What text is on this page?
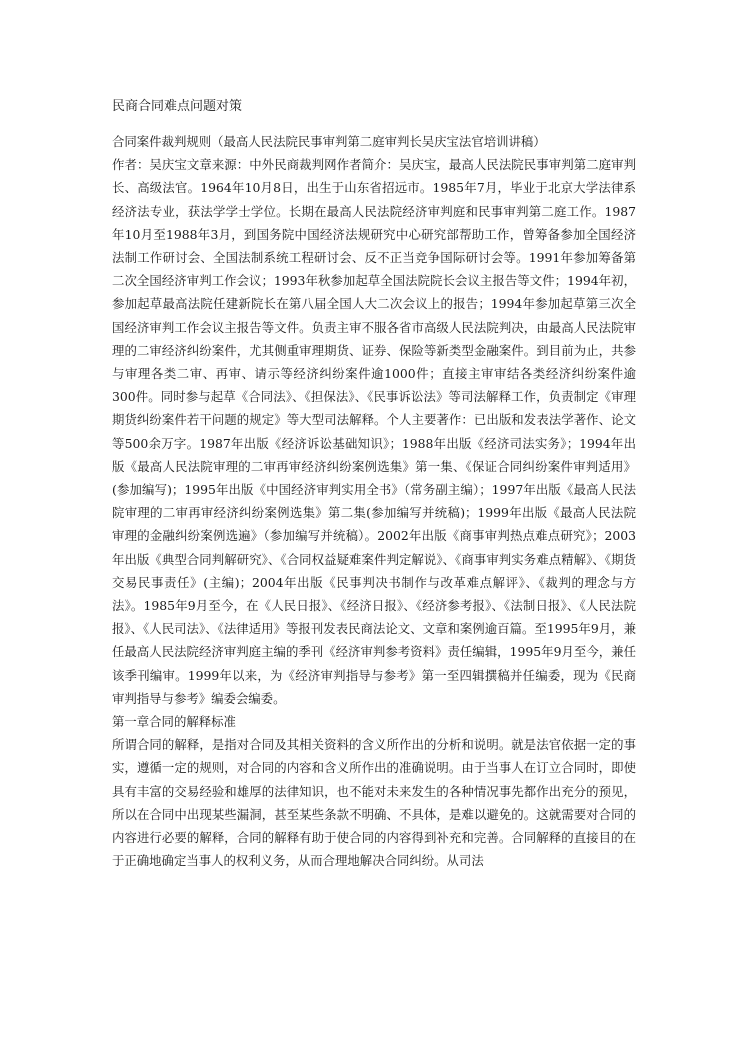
民商合同难点问题对策

合同案件裁判规则（最高人民法院民事审判第二庭审判长吴庆宝法官培训讲稿）

作者：吴庆宝文章来源：中外民商裁判网作者简介：吴庆宝，最高人民法院民事审判第二庭审判长、高级法官。1964年10月8日，出生于山东省招远市。1985年7月，毕业于北京大学法律系经济法专业，获法学学士学位。长期在最高人民法院经济审判庭和民事审判第二庭工作。1987年10月至1988年3月，到国务院中国经济法规研究中心研究部帮助工作，曾筹备参加全国经济法制工作研讨会、全国法制系统工程研讨会、反不正当竞争国际研讨会等。1991年参加筹备第二次全国经济审判工作会议；1993年秋参加起草全国法院院长会议主报告等文件；1994年初，参加起草最高法院任建新院长在第八届全国人大二次会议上的报告；1994年参加起草第三次全国经济审判工作会议主报告等文件。负责主审不服各省市高级人民法院判决，由最高人民法院审理的二审经济纠纷案件，尤其侧重审理期货、证券、保险等新类型金融案件。到目前为止，共参与审理各类二审、再审、请示等经济纠纷案件逾1000件；直接主审审结各类经济纠纷案件逾300件。同时参与起草《合同法》、《担保法》、《民事诉讼法》等司法解释工作，负责制定《审理期货纠纷案件若干问题的规定》等大型司法解释。个人主要著作：已出版和发表法学著作、论文等500余万字。1987年出版《经济诉讼基础知识》；1988年出版《经济司法实务》；1994年出版《最高人民法院审理的二审再审经济纠纷案例选集》第一集、《保证合同纠纷案件审判适用》(参加编写)；1995年出版《中国经济审判实用全书》（常务副主编）；1997年出版《最高人民法院审理的二审再审经济纠纷案例选集》第二集(参加编写并统稿)；1999年出版《最高人民法院审理的金融纠纷案例选遍》（参加编写并统稿）。2002年出版《商事审判热点难点研究》；2003年出版《典型合同判解研究》、《合同权益疑难案件判定解说》、《商事审判实务难点精解》、《期货交易民事责任》(主编)；2004年出版《民事判决书制作与改革难点解评》、《裁判的理念与方法》。1985年9月至今，在《人民日报》、《经济日报》、《经济参考报》、《法制日报》、《人民法院报》、《人民司法》、《法律适用》等报刊发表民商法论文、文章和案例逾百篇。至1995年9月，兼任最高人民法院经济审判庭主编的季刊《经济审判参考资料》责任编辑，1995年9月至今，兼任该季刊编审。1999年以来，为《经济审判指导与参考》第一至四辑撰稿并任编委，现为《民商审判指导与参考》编委会编委。

第一章合同的解释标准

所谓合同的解释，是指对合同及其相关资料的含义所作出的分析和说明。就是法官依据一定的事实，遵循一定的规则，对合同的内容和含义所作出的准确说明。由于当事人在订立合同时，即使具有丰富的交易经验和雄厚的法律知识，也不能对未来发生的各种情况事先都作出充分的预见，所以在合同中出现某些漏洞，甚至某些条款不明确、不具体，是难以避免的。这就需要对合同的内容进行必要的解释，合同的解释有助于使合同的内容得到补充和完善。合同解释的直接目的在于正确地确定当事人的权利义务，从而合理地解决合同纠纷。从司法
